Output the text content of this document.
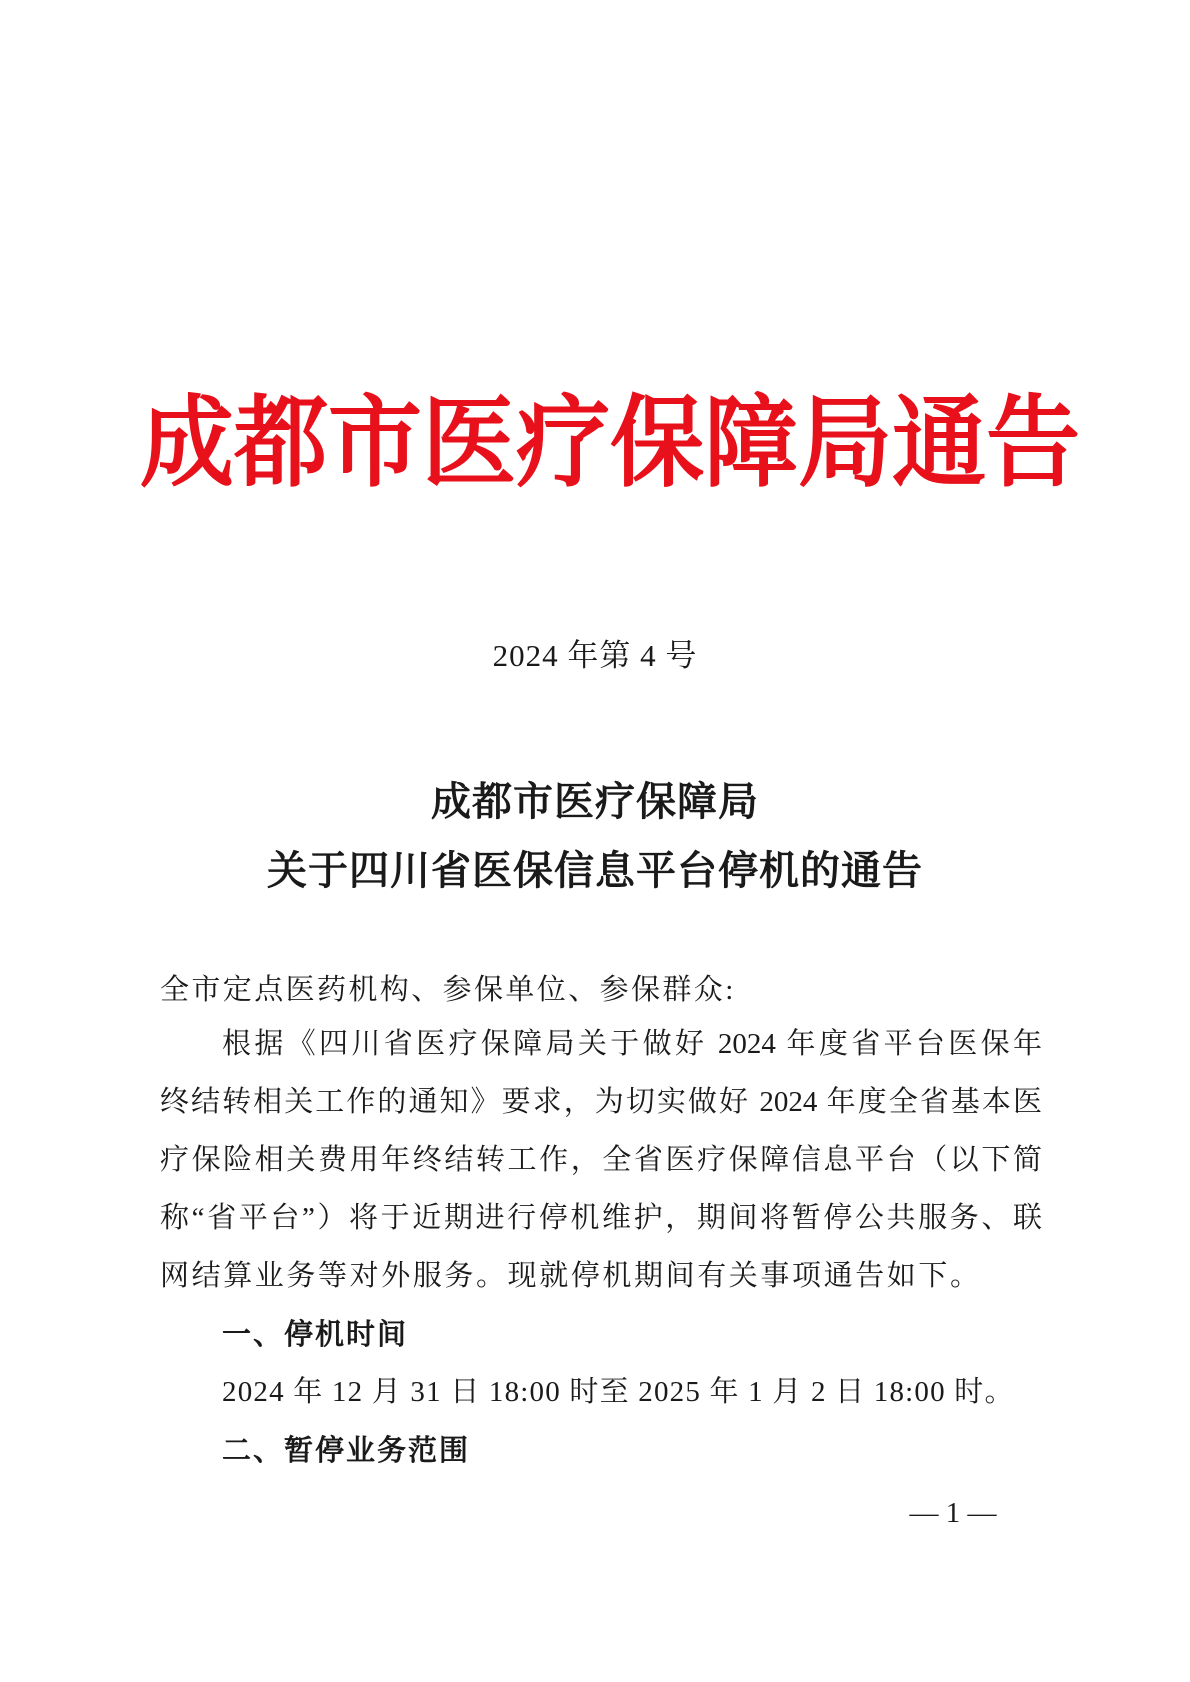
成 都 市 医 疗 保 障 局 通 告
2024 年第 4 号
成都市医疗保障局
关于四川省医保信息平台停机的通告
全市定点医药机构、参保单位、参保群众:
根据《四川省医疗保障局关于做好 2024 年度省平台医保年
终结转相关工作的通知》要求，为切实做好 2024 年度全省基本医
疗保险相关费用年终结转工作，全省医疗保障信息平台（以下简
称“省平台”）将于近期进行停机维护，期间将暂停公共服务、联
网结算业务等对外服务。现就停机期间有关事项通告如下。
一、停机时间
2024 年 12 月 31 日 18:00 时至 2025 年 1 月 2 日 18:00 时。
二、暂停业务范围
— 1 —
